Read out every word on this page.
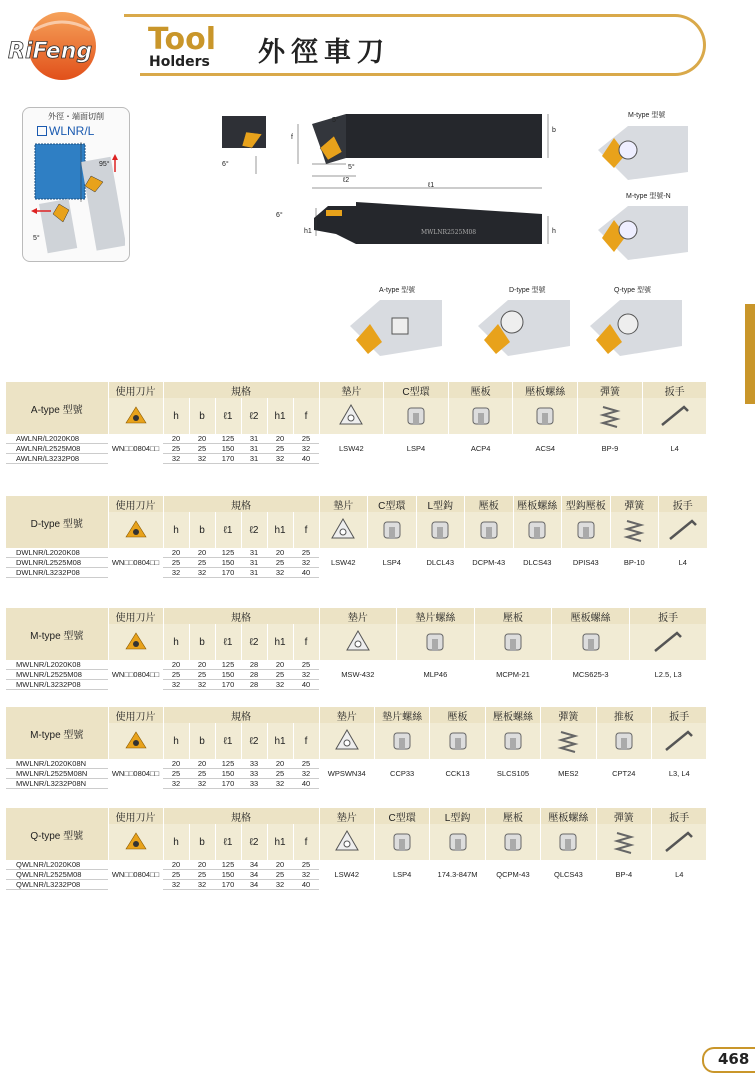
RiFeng Tool
Holders 外徑車刀
外徑・端面切削
WLNR/L
95°
5°
MWLNR2525M08
6°
5°
5°
f
b
ℓ2
ℓ1
6°
h1	h
M-type 型號
M-type 型號-N
A-type 型號	D-type 型號	Q-type 型號
A-type 型號	使用刀片	規格						墊片	C型環	壓板	壓板螺絲	彈簧	扳手
	h	b	ℓ1	ℓ2	h1	f						
AWLNR/L2020K08	WN□□0804□□	20	20	125	31	20	25	LSW42	LSP4	ACP4	ACS4	BP-9	L4
AWLNR/L2525M08		25	25	150	31	25	32						
AWLNR/L3232P08		32	32	170	31	32	40						
D-type 型號	使用刀片	規格						墊片	C型環	L型鈎	壓板	壓板螺絲	型鈎壓板	彈簧	扳手
	h	b	ℓ1	ℓ2	h1	f								
DWLNR/L2020K08	WN□□0804□□	20	20	125	31	20	25	LSW42	LSP4	DLCL43	DCPM-43	DLCS43	DPIS43	BP-10	L4
DWLNR/L2525M08		25	25	150	31	25	32								
DWLNR/L3232P08		32	32	170	31	32	40								
M-type 型號	使用刀片	規格						墊片	墊片螺絲	壓板	壓板螺絲	扳手
	h	b	ℓ1	ℓ2	h1	f					
MWLNR/L2020K08	WN□□0804□□	20	20	125	28	20	25	MSW-432	MLP46	MCPM-21	MCS625-3	L2.5, L3
MWLNR/L2525M08		25	25	150	28	25	32					
MWLNR/L3232P08		32	32	170	28	32	40					
M-type 型號	使用刀片	規格						墊片	墊片螺絲	壓板	壓板螺絲	彈簧	推板	扳手
	h	b	ℓ1	ℓ2	h1	f							
MWLNR/L2020K08N	WN□□0804□□	20	20	125	33	20	25	WPSWN34	CCP33	CCK13	SLCS105	MES2	CPT24	L3, L4
MWLNR/L2525M08N		25	25	150	33	25	32							
MWLNR/L3232P08N		32	32	170	33	32	40							
Q-type 型號	使用刀片	規格						墊片	C型環	L型鈎	壓板	壓板螺絲	彈簧	扳手
	h	b	ℓ1	ℓ2	h1	f							
QWLNR/L2020K08	WN□□0804□□	20	20	125	34	20	25	LSW42	LSP4	174.3-847M	QCPM-43	QLCS43	BP-4	L4
QWLNR/L2525M08		25	25	150	34	25	32							
QWLNR/L3232P08		32	32	170	34	32	40							
468
